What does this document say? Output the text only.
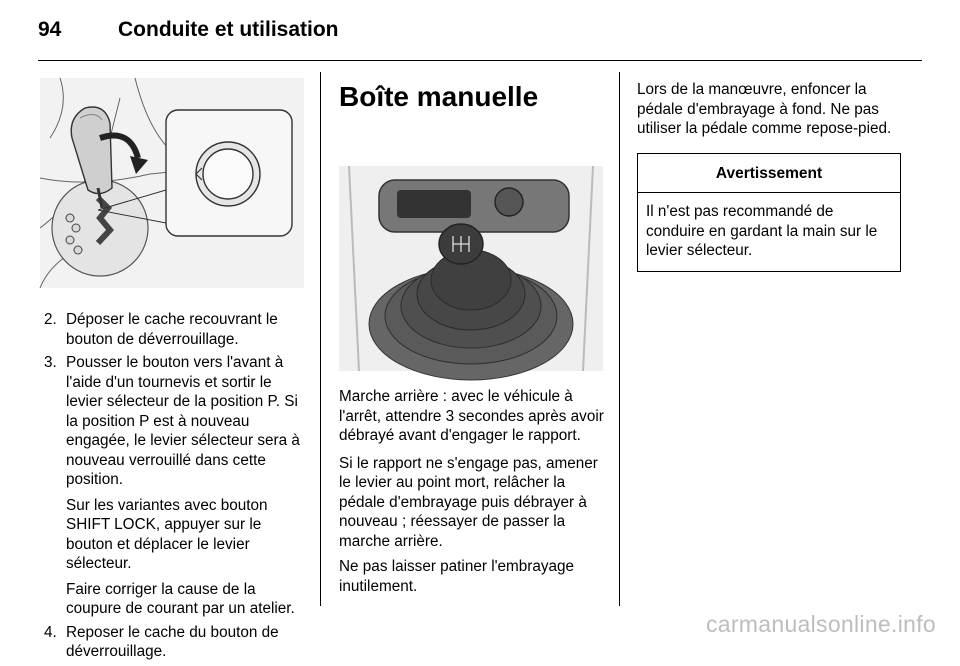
94	Conduite et utilisation
2. Déposer le cache recouvrant le bouton de déverrouillage.

3. Pousser le bouton vers l'avant à l'aide d'un tournevis et sortir le levier sélecteur de la position P. Si la position P est à nouveau engagée, le levier sélecteur sera à nouveau verrouillé dans cette position.

Sur les variantes avec bouton SHIFT LOCK, appuyer sur le bouton et déplacer le levier sélecteur.

Faire corriger la cause de la coupure de courant par un atelier.

4. Reposer le cache du bouton de déverrouillage.

Boîte manuelle

Marche arrière : avec le véhicule à l'arrêt, attendre 3 secondes après avoir débrayé avant d'engager le rapport.

Si le rapport ne s'engage pas, amener le levier au point mort, relâcher la pédale d'embrayage puis débrayer à nouveau ; réessayer de passer la marche arrière.

Ne pas laisser patiner l'embrayage inutilement.

Lors de la manœuvre, enfoncer la pédale d'embrayage à fond. Ne pas utiliser la pédale comme repose-pied.

Avertissement
Il n'est pas recommandé de conduire en gardant la main sur le levier sélecteur.
carmanualsonline.info
